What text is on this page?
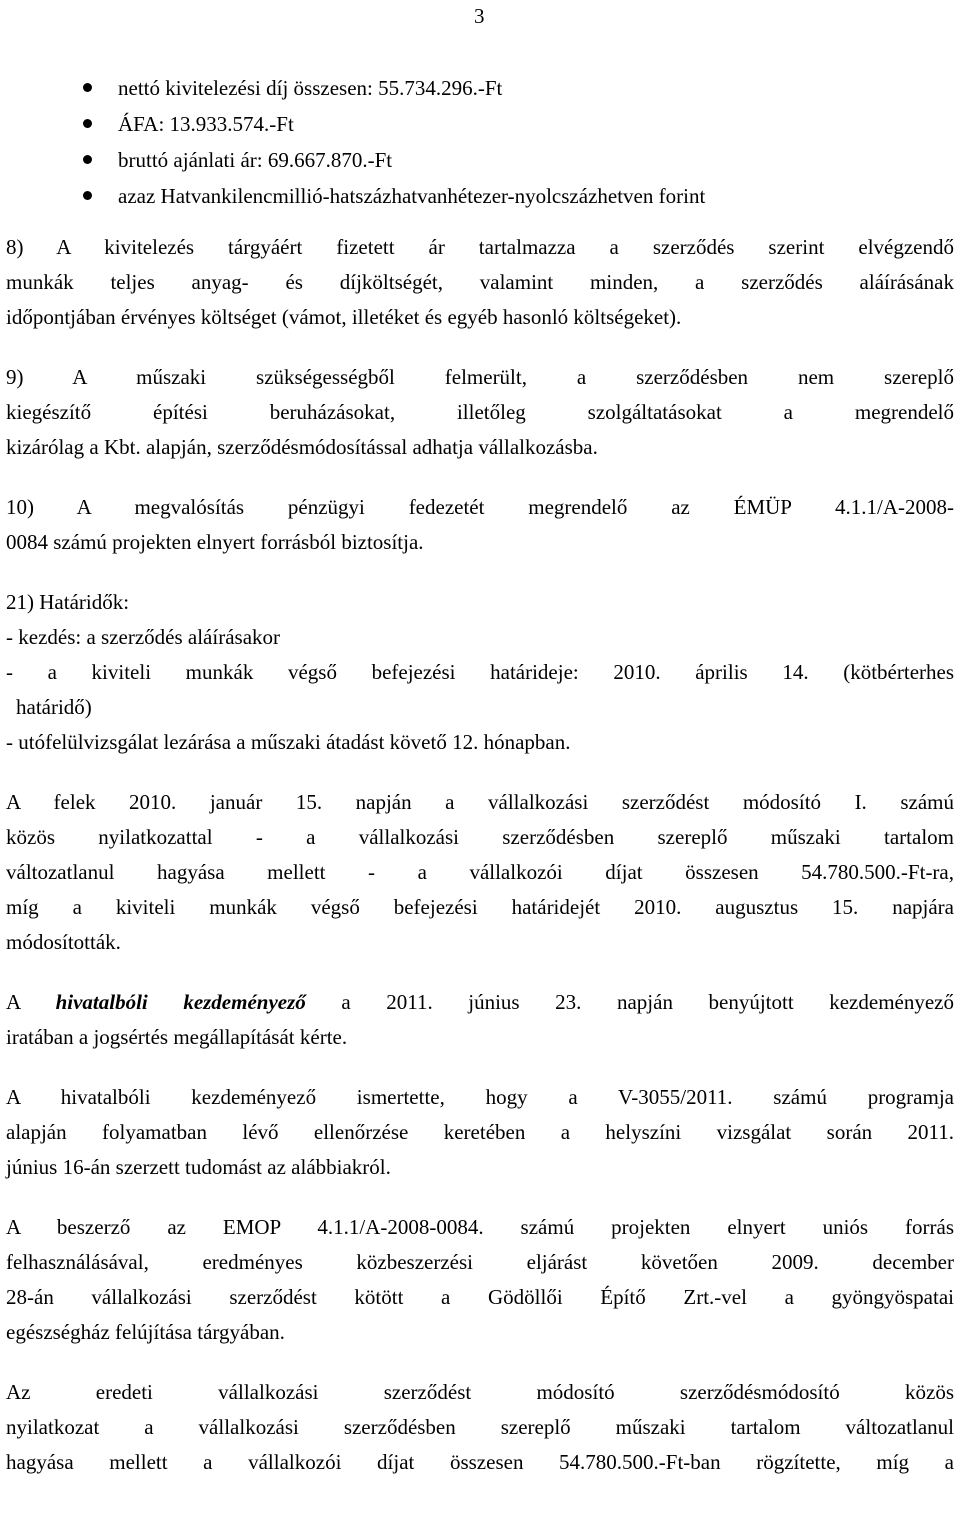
3
nettó kivitelezési díj összesen: 55.734.296.-Ft
ÁFA: 13.933.574.-Ft
bruttó ajánlati ár: 69.667.870.-Ft
azaz Hatvankilencmillió-hatszázhatvanhétezer-nyolcszázhetven forint
8) A kivitelezés tárgyáért fizetett ár tartalmazza a szerződés szerint elvégzendő
munkák teljes anyag- és díjköltségét, valamint minden, a szerződés aláírásának
időpontjában érvényes költséget (vámot, illetéket és egyéb hasonló költségeket).
9) A műszaki szükségességből felmerült, a szerződésben nem szereplő
kiegészítő építési beruházásokat, illetőleg szolgáltatásokat a megrendelő
kizárólag a Kbt. alapján, szerződésmódosítással adhatja vállalkozásba.
10) A megvalósítás pénzügyi fedezetét megrendelő az ÉMÜP 4.1.1/A-2008-
0084 számú projekten elnyert forrásból biztosítja.
21) Határidők:
- kezdés: a szerződés aláírásakor
- a kiviteli munkák végső befejezési határideje: 2010. április 14. (kötbérterhes
határidő)
- utófelülvizsgálat lezárása a műszaki átadást követő 12. hónapban.
A felek 2010. január 15. napján a vállalkozási szerződést módosító I. számú
közös nyilatkozattal - a vállalkozási szerződésben szereplő műszaki tartalom
változatlanul hagyása mellett - a vállalkozói díjat összesen 54.780.500.-Ft-ra,
míg a kiviteli munkák végső befejezési határidejét 2010. augusztus 15. napjára
módosították.
A hivatalbóli kezdeményező a 2011. június 23. napján benyújtott kezdeményező
iratában a jogsértés megállapítását kérte.
A hivatalbóli kezdeményező ismertette, hogy a V-3055/2011. számú programja
alapján folyamatban lévő ellenőrzése keretében a helyszíni vizsgálat során 2011.
június 16-án szerzett tudomást az alábbiakról.
A beszerző az EMOP 4.1.1/A-2008-0084. számú projekten elnyert uniós forrás
felhasználásával, eredményes közbeszerzési eljárást követően 2009. december
28-án vállalkozási szerződést kötött a Gödöllői Építő Zrt.-vel a gyöngyöspatai
egészségház felújítása tárgyában.
Az eredeti vállalkozási szerződést módosító szerződésmódosító közös
nyilatkozat a vállalkozási szerződésben szereplő műszaki tartalom változatlanul
hagyása mellett a vállalkozói díjat összesen 54.780.500.-Ft-ban rögzítette, míg a
